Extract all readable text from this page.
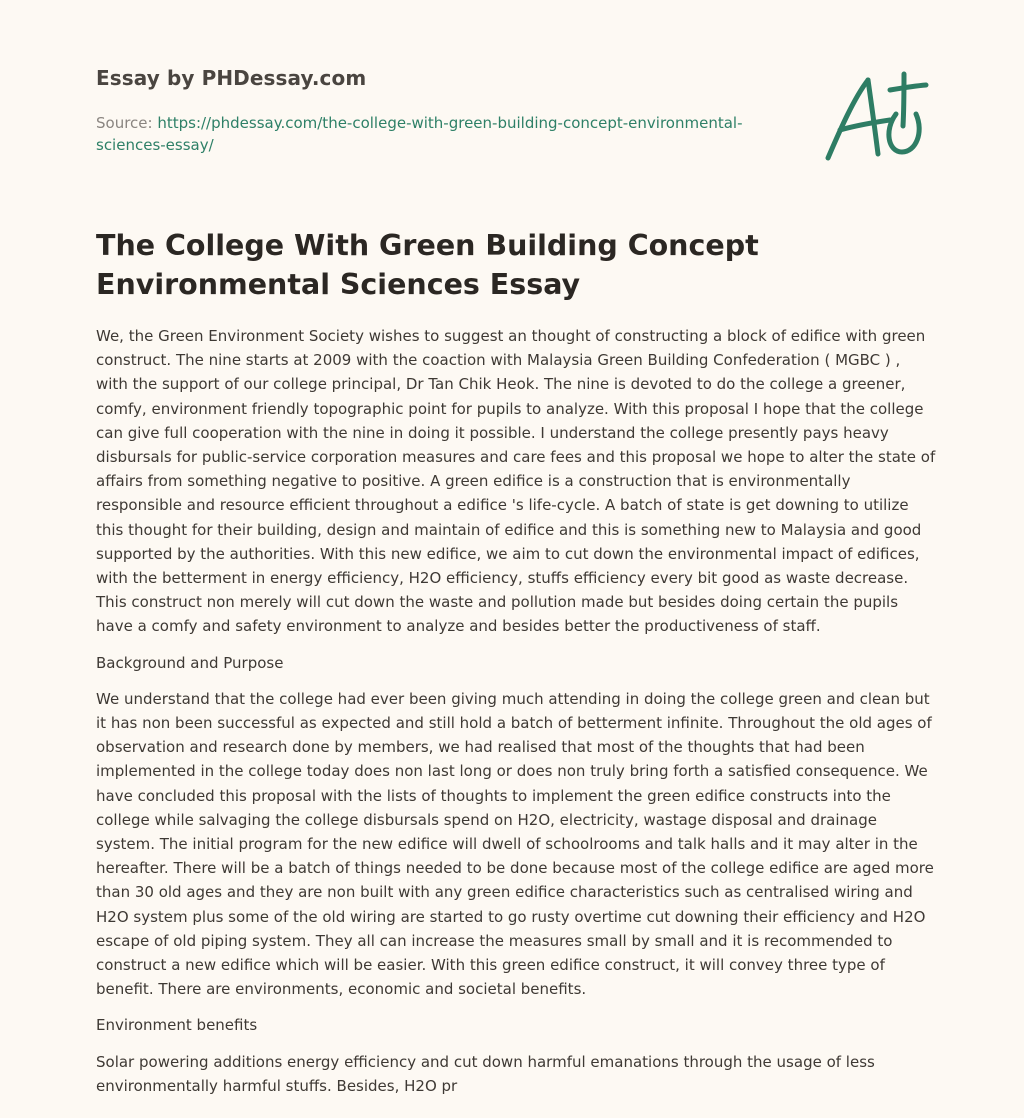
Essay by PHDessay.com
Source: https://phdessay.com/the-college-with-green-building-concept-environmental-sciences-essay/
The College With Green Building Concept Environmental Sciences Essay

We, the Green Environment Society wishes to suggest an thought of constructing a block of edifice with green construct. The nine starts at 2009 with the coaction with Malaysia Green Building Confederation ( MGBC ) , with the support of our college principal, Dr Tan Chik Heok. The nine is devoted to do the college a greener, comfy, environment friendly topographic point for pupils to analyze. With this proposal I hope that the college can give full cooperation with the nine in doing it possible. I understand the college presently pays heavy disbursals for public-service corporation measures and care fees and this proposal we hope to alter the state of affairs from something negative to positive. A green edifice is a construction that is environmentally responsible and resource efficient throughout a edifice 's life-cycle. A batch of state is get downing to utilize this thought for their building, design and maintain of edifice and this is something new to Malaysia and good supported by the authorities. With this new edifice, we aim to cut down the environmental impact of edifices, with the betterment in energy efficiency, H2O efficiency, stuffs efficiency every bit good as waste decrease. This construct non merely will cut down the waste and pollution made but besides doing certain the pupils have a comfy and safety environment to analyze and besides better the productiveness of staff.

Background and Purpose

We understand that the college had ever been giving much attending in doing the college green and clean but it has non been successful as expected and still hold a batch of betterment infinite. Throughout the old ages of observation and research done by members, we had realised that most of the thoughts that had been implemented in the college today does non last long or does non truly bring forth a satisfied consequence. We have concluded this proposal with the lists of thoughts to implement the green edifice constructs into the college while salvaging the college disbursals spend on H2O, electricity, wastage disposal and drainage system. The initial program for the new edifice will dwell of schoolrooms and talk halls and it may alter in the hereafter. There will be a batch of things needed to be done because most of the college edifice are aged more than 30 old ages and they are non built with any green edifice characteristics such as centralised wiring and H2O system plus some of the old wiring are started to go rusty overtime cut downing their efficiency and H2O escape of old piping system. They all can increase the measures small by small and it is recommended to construct a new edifice which will be easier. With this green edifice construct, it will convey three type of benefit. There are environments, economic and societal benefits.

Environment benefits

Solar powering additions energy efficiency and cut down harmful emanations through the usage of less environmentally harmful stuffs. Besides, H2O pr
